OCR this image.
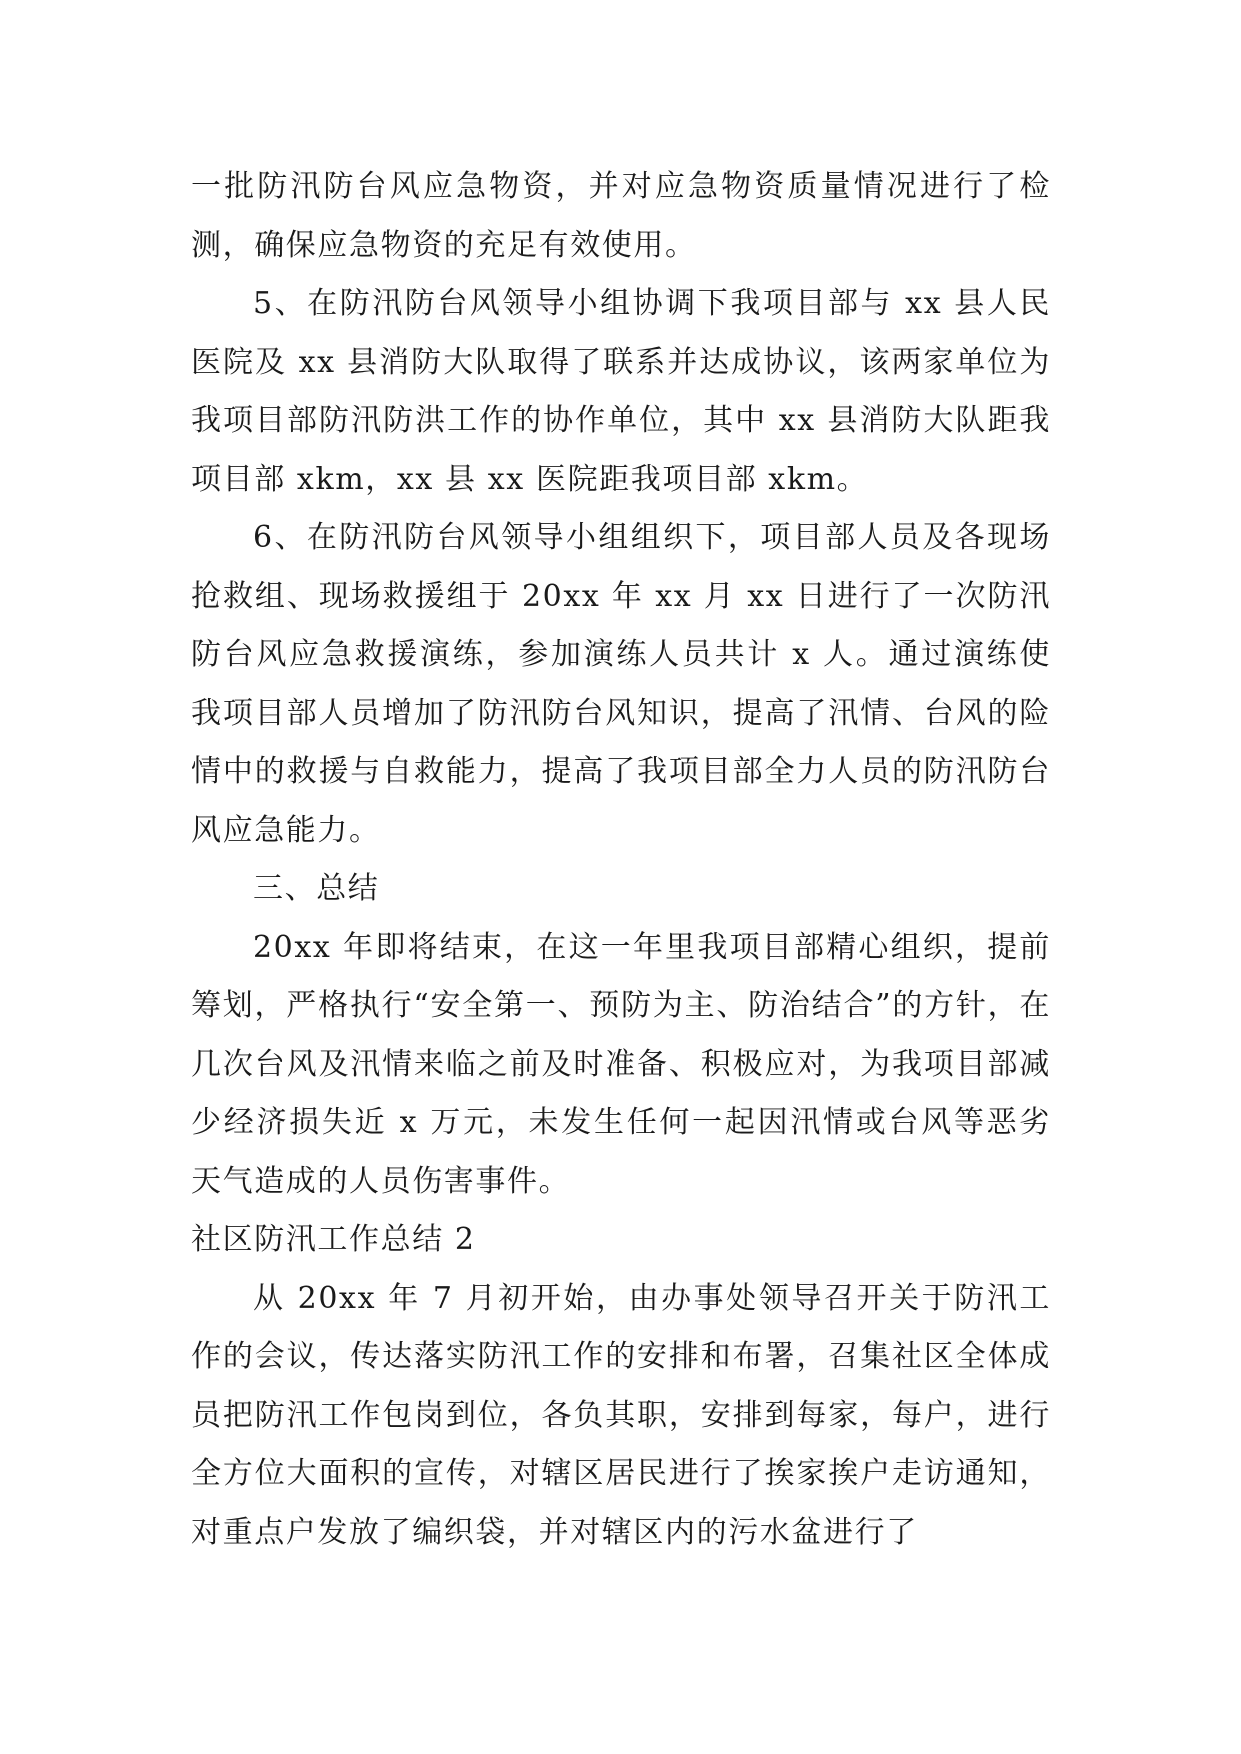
一批防汛防台风应急物资，并对应急物资质量情况进行了检测，确保应急物资的充足有效使用。

5、在防汛防台风领导小组协调下我项目部与 xx 县人民医院及 xx 县消防大队取得了联系并达成协议，该两家单位为我项目部防汛防洪工作的协作单位，其中 xx 县消防大队距我项目部 xkm，xx 县 xx 医院距我项目部 xkm。

6、在防汛防台风领导小组组织下，项目部人员及各现场抢救组、现场救援组于 20xx 年 xx 月 xx 日进行了一次防汛防台风应急救援演练，参加演练人员共计 x 人。通过演练使我项目部人员增加了防汛防台风知识，提高了汛情、台风的险情中的救援与自救能力，提高了我项目部全力人员的防汛防台风应急能力。

三、总结

20xx 年即将结束，在这一年里我项目部精心组织，提前筹划，严格执行“安全第一、预防为主、防治结合”的方针，在几次台风及汛情来临之前及时准备、积极应对，为我项目部减少经济损失近 x 万元，未发生任何一起因汛情或台风等恶劣天气造成的人员伤害事件。

社区防汛工作总结 2

从 20xx 年 7 月初开始，由办事处领导召开关于防汛工作的会议，传达落实防汛工作的安排和布署，召集社区全体成员把防汛工作包岗到位，各负其职，安排到每家，每户，进行全方位大面积的宣传，对辖区居民进行了挨家挨户走访通知，对重点户发放了编织袋，并对辖区内的污水盆进行了
